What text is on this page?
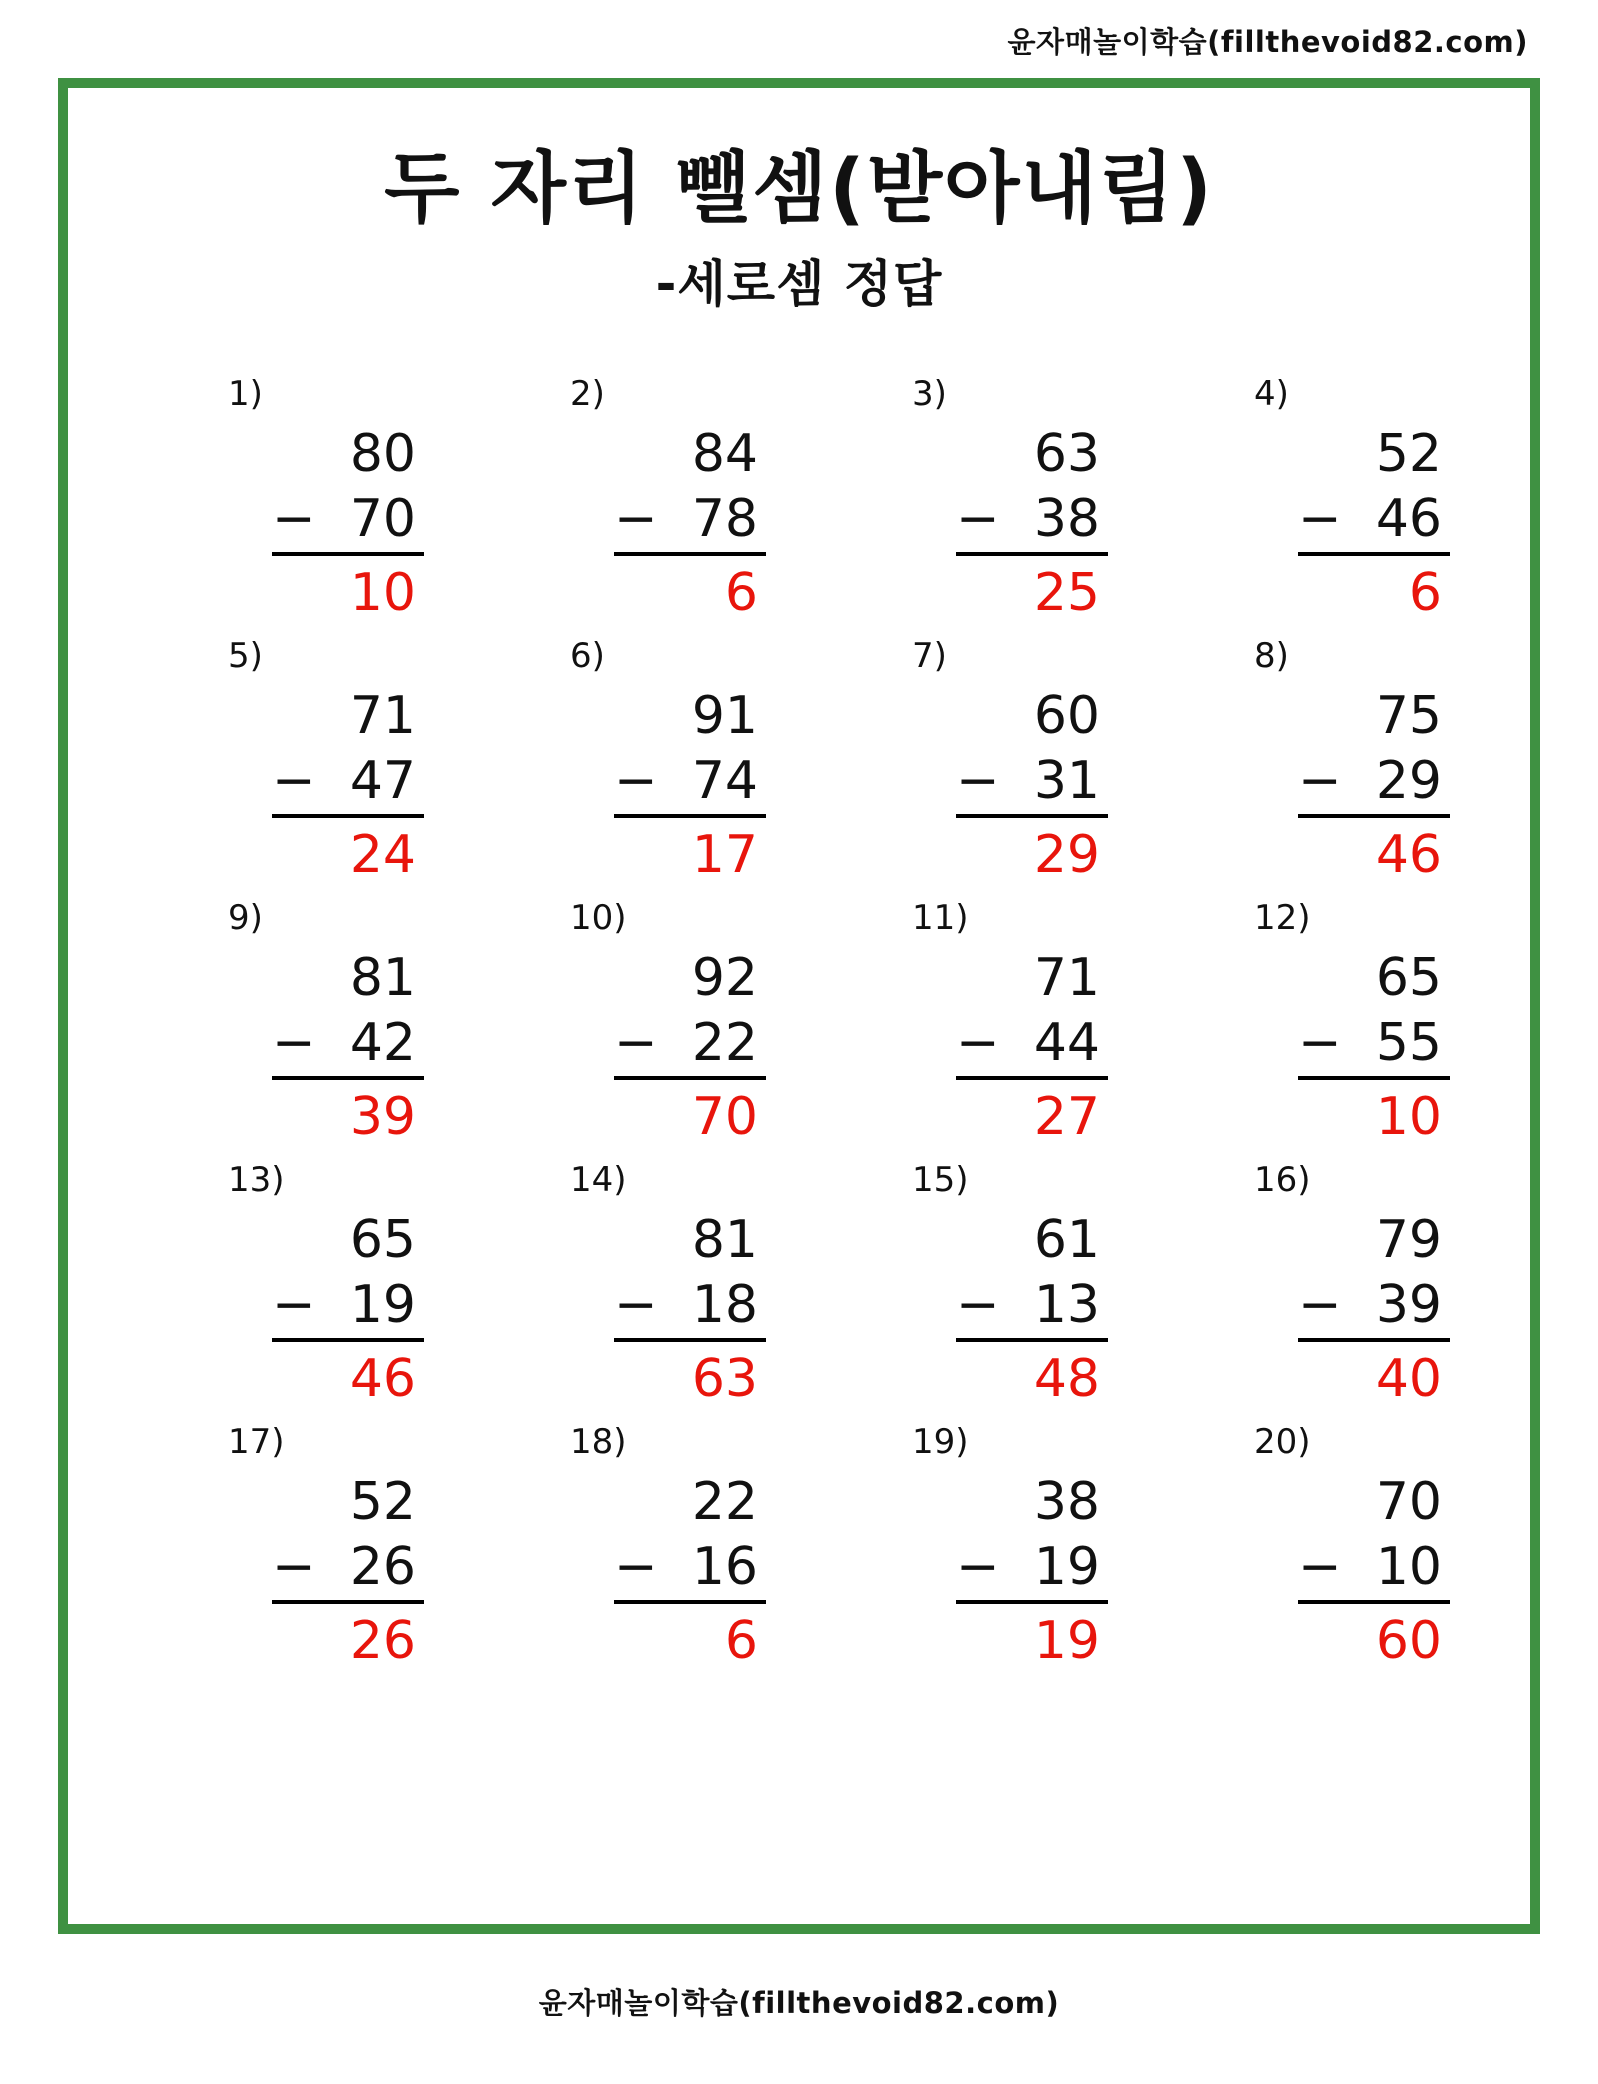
윤자매놀이학습(fillthevoid82.com)
두 자리 뺄셈(받아내림)
-세로셈 정답
1)
80
− 70
10
2)
84
− 78
6
3)
63
− 38
25
4)
52
− 46
6
5)
71
− 47
24
6)
91
− 74
17
7)
60
− 31
29
8)
75
− 29
46
9)
81
− 42
39
10)
92
− 22
70
11)
71
− 44
27
12)
65
− 55
10
13)
65
− 19
46
14)
81
− 18
63
15)
61
− 13
48
16)
79
− 39
40
17)
52
− 26
26
18)
22
− 16
6
19)
38
− 19
19
20)
70
− 10
60
윤자매놀이학습(fillthevoid82.com)
